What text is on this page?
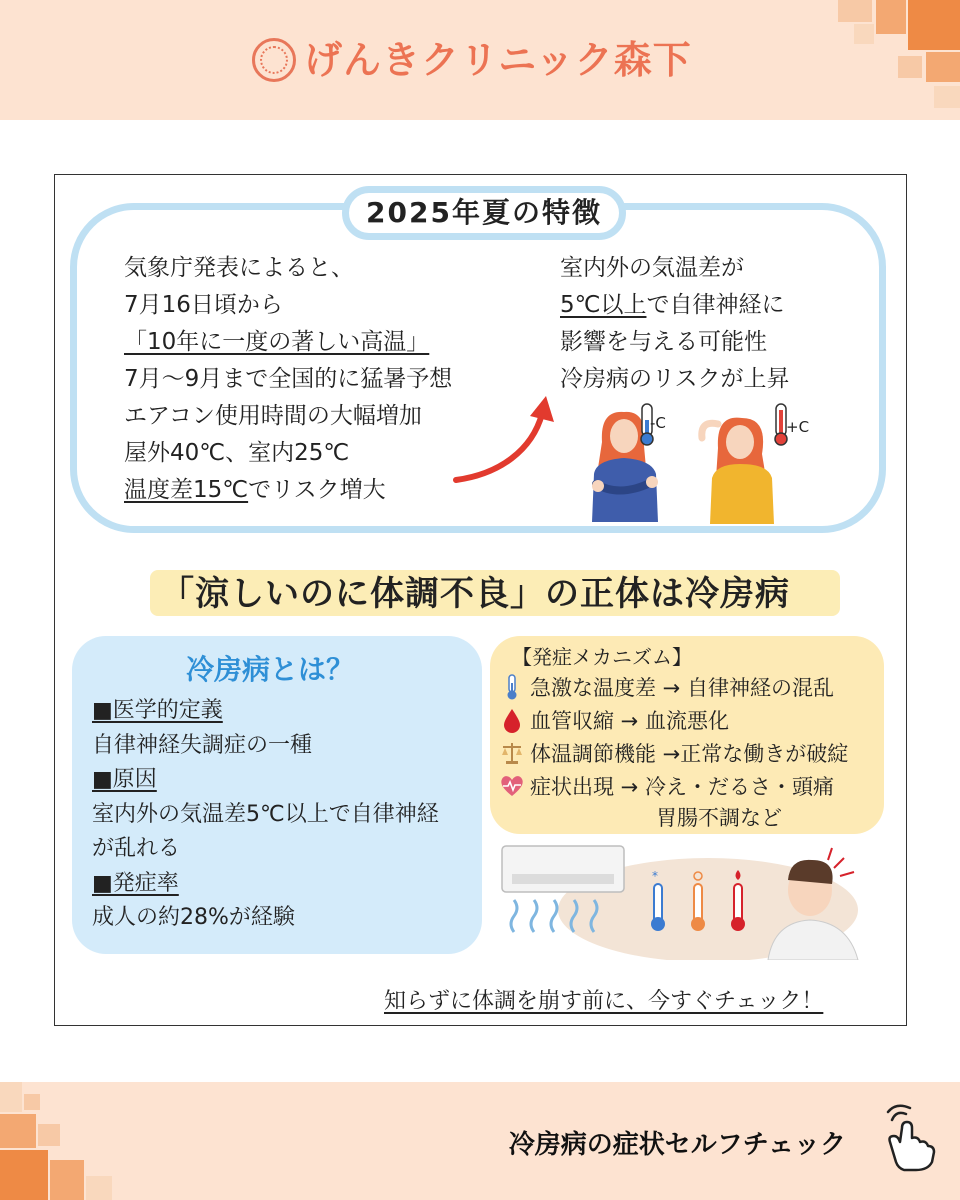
げんきクリニック森下
2025年夏の特徴
気象庁発表によると、
7月16日頃から
「10年に一度の著しい高温」
7月〜9月まで全国的に猛暑予想
エアコン使用時間の大幅増加
屋外40℃、室内25℃
温度差15℃でリスク増大
室内外の気温差が
5℃以上で自律神経に
影響を与える可能性
冷房病のリスクが上昇
-C	+C
「涼しいのに体調不良」の正体は冷房病
冷房病とは？
■医学的定義
自律神経失調症の一種
■原因
室内外の気温差5℃以上で自律神経
が乱れる
■発症率
成人の約28%が経験
【発症メカニズム】
急激な温度差 → 自律神経の混乱
血管収縮 → 血流悪化
体温調節機能 →正常な働きが破綻
症状出現 → 冷え・だるさ・頭痛
胃腸不調など
*
知らずに体調を崩す前に、今すぐチェック！
冷房病の症状セルフチェック
